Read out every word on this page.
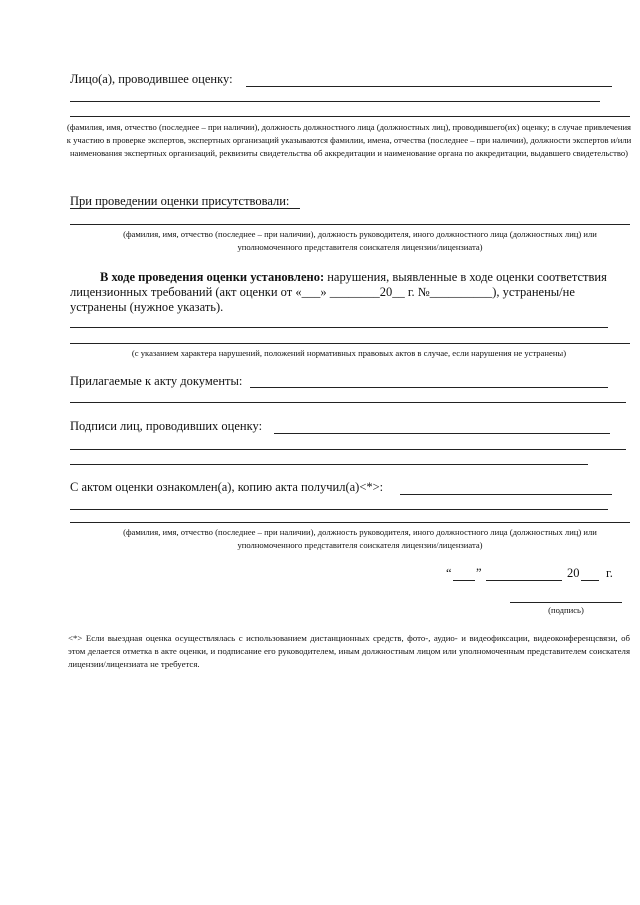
Лицо(а), проводившее оценку:
(фамилия, имя, отчество (последнее – при наличии), должность должностного лица (должностных лиц), проводившего(их) оценку; в случае привлечения к участию в проверке экспертов, экспертных организаций указываются фамилии, имена, отчества (последнее – при наличии), должности экспертов и/или наименования экспертных организаций, реквизиты свидетельства об аккредитации и наименование органа по аккредитации, выдавшего свидетельство)
При проведении оценки присутствовали:
(фамилия, имя, отчество (последнее – при наличии), должность руководителя, иного должностного лица (должностных лиц) или уполномоченного представителя соискателя лицензии/лицензиата)
В ходе проведения оценки установлено: нарушения, выявленные в ходе оценки соответствия
лицензионных требований (акт оценки от «___» ________20__ г. №__________), устранены/не
устранены (нужное указать).
(с указанием характера нарушений, положений нормативных правовых актов в случае, если нарушения не устранены)
Прилагаемые к акту документы:
Подписи лиц, проводивших оценку:
С актом оценки ознакомлен(а), копию акта получил(а)<*>:
(фамилия, имя, отчество (последнее – при наличии), должность руководителя, иного должностного лица (должностных лиц) или уполномоченного представителя соискателя лицензии/лицензиата)
“ ”	20 г.
(подпись)
<*> Если выездная оценка осуществлялась с использованием дистанционных средств, фото-, аудио- и видеофиксации, видеоконференцсвязи, об этом делается отметка в акте оценки, и подписание его руководителем, иным должностным лицом или уполномоченным представителем соискателя лицензии/лицензиата не требуется.
